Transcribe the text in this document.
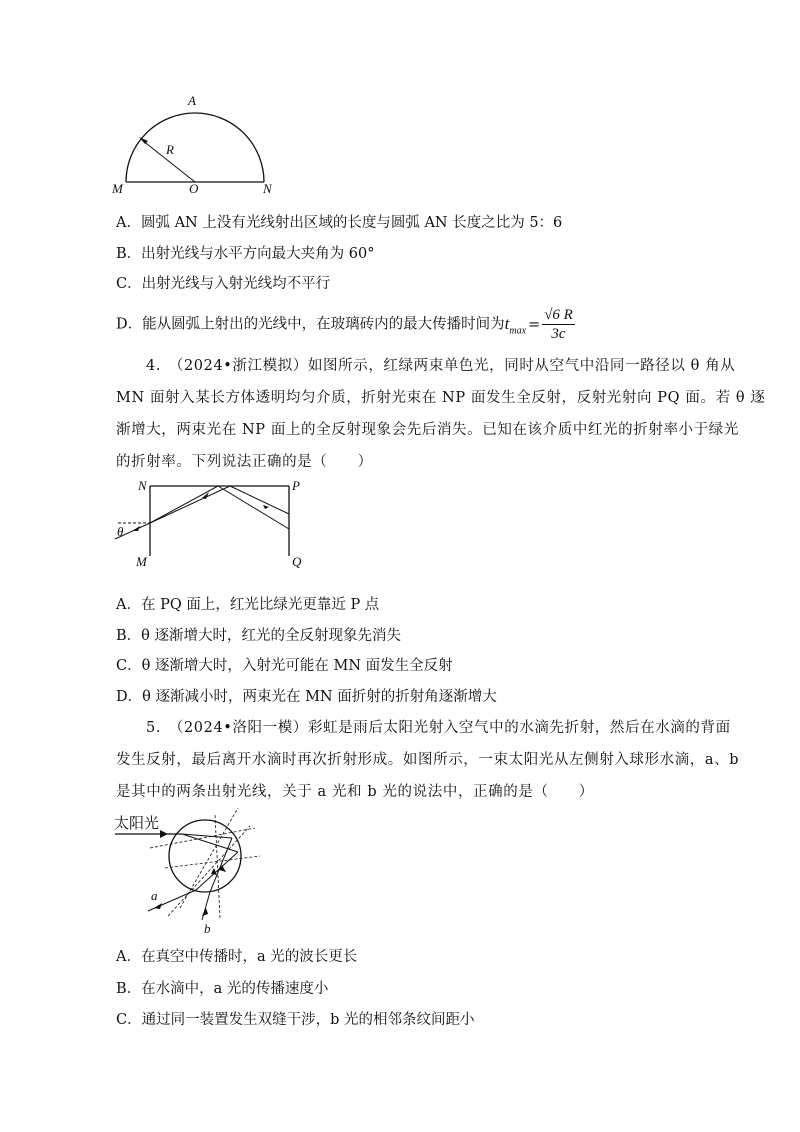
A
R
M	O	N
A．圆弧 AN 上没有光线射出区域的长度与圆弧 AN 长度之比为 5：6
B．出射光线与水平方向最大夹角为 60°
C．出射光线与入射光线均不平行
D．能从圆弧上射出的光线中，在玻璃砖内的最大传播时间为$t_{max} = \frac{√6 R}{3c}$
4.　（2024•浙江模拟）如图所示，红绿两束单色光，同时从空气中沿同一路径以 θ 角从
MN 面射入某长方体透明均匀介质，折射光束在 NP 面发生全反射，反射光射向 PQ 面。若 θ 逐
渐增大，两束光在 NP 面上的全反射现象会先后消失。已知在该介质中红光的折射率小于绿光
的折射率。下列说法正确的是（　　）
N	P
θ
M	Q
A．在 PQ 面上，红光比绿光更靠近 P 点
B．θ 逐渐增大时，红光的全反射现象先消失
C．θ 逐渐增大时，入射光可能在 MN 面发生全反射
D．θ 逐渐减小时，两束光在 MN 面折射的折射角逐渐增大
5.　（2024•洛阳一模）彩虹是雨后太阳光射入空气中的水滴先折射，然后在水滴的背面
发生反射，最后离开水滴时再次折射形成。如图所示，一束太阳光从左侧射入球形水滴，a、b
是其中的两条出射光线，关于 a 光和 b 光的说法中，正确的是（　　）
太阳光
a
b
A．在真空中传播时，a 光的波长更长
B．在水滴中，a 光的传播速度小
C．通过同一装置发生双缝干涉，b 光的相邻条纹间距小
